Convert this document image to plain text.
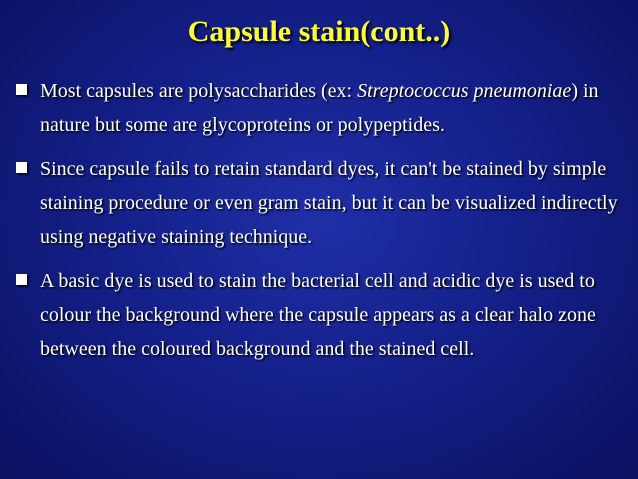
Capsule stain(cont..)
Most capsules are polysaccharides (ex: Streptococcus pneumoniae) in nature but some are glycoproteins or polypeptides.
Since capsule fails to retain standard dyes, it can't be stained by simple staining procedure or even gram stain, but it can be visualized indirectly using negative staining technique.
A basic dye is used to stain the bacterial cell and acidic dye is used to colour the background where the capsule appears as a clear halo zone between the coloured background and the stained cell.
